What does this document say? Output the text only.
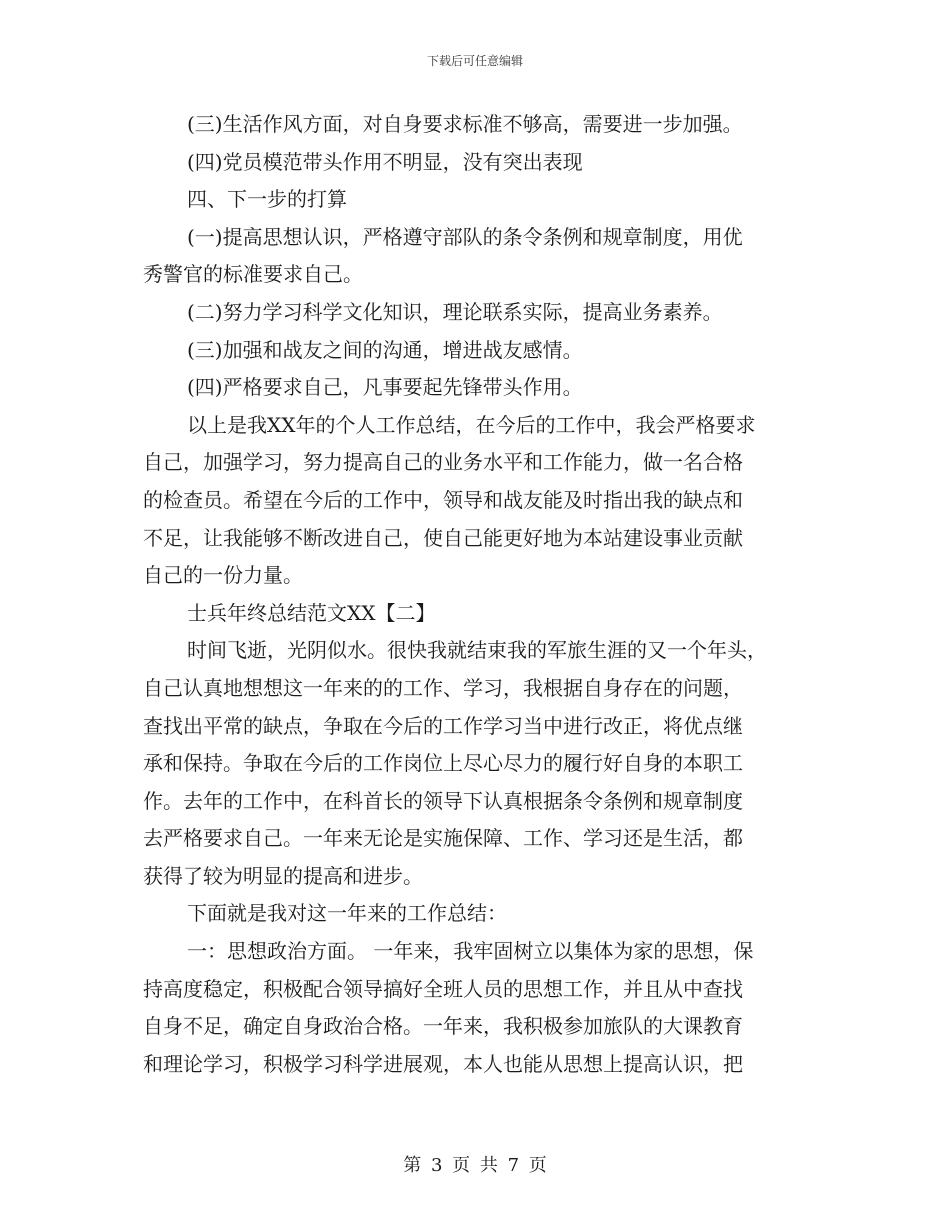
下载后可任意编辑
(三)生活作风方面，对自身要求标准不够高，需要进一步加强。
(四)党员模范带头作用不明显，没有突出表现
四、下一步的打算
(一)提高思想认识，严格遵守部队的条令条例和规章制度，用优
秀警官的标准要求自己。
(二)努力学习科学文化知识，理论联系实际，提高业务素养。
(三)加强和战友之间的沟通，增进战友感情。
(四)严格要求自己，凡事要起先锋带头作用。
以上是我XX年的个人工作总结，在今后的工作中，我会严格要求
自己，加强学习，努力提高自己的业务水平和工作能力，做一名合格
的检查员。希望在今后的工作中，领导和战友能及时指出我的缺点和
不足，让我能够不断改进自己，使自己能更好地为本站建设事业贡献
自己的一份力量。
士兵年终总结范文XX【二】
时间飞逝，光阴似水。很快我就结束我的军旅生涯的又一个年头，
自己认真地想想这一年来的的工作、学习，我根据自身存在的问题，
查找出平常的缺点，争取在今后的工作学习当中进行改正，将优点继
承和保持。争取在今后的工作岗位上尽心尽力的履行好自身的本职工
作。去年的工作中，在科首长的领导下认真根据条令条例和规章制度
去严格要求自己。一年来无论是实施保障、工作、学习还是生活，都
获得了较为明显的提高和进步。
下面就是我对这一年来的工作总结：
一：思想政治方面。 一年来，我牢固树立以集体为家的思想，保
持高度稳定，积极配合领导搞好全班人员的思想工作，并且从中查找
自身不足，确定自身政治合格。一年来，我积极参加旅队的大课教育
和理论学习，积极学习科学进展观，本人也能从思想上提高认识，把
第 3 页 共 7 页
